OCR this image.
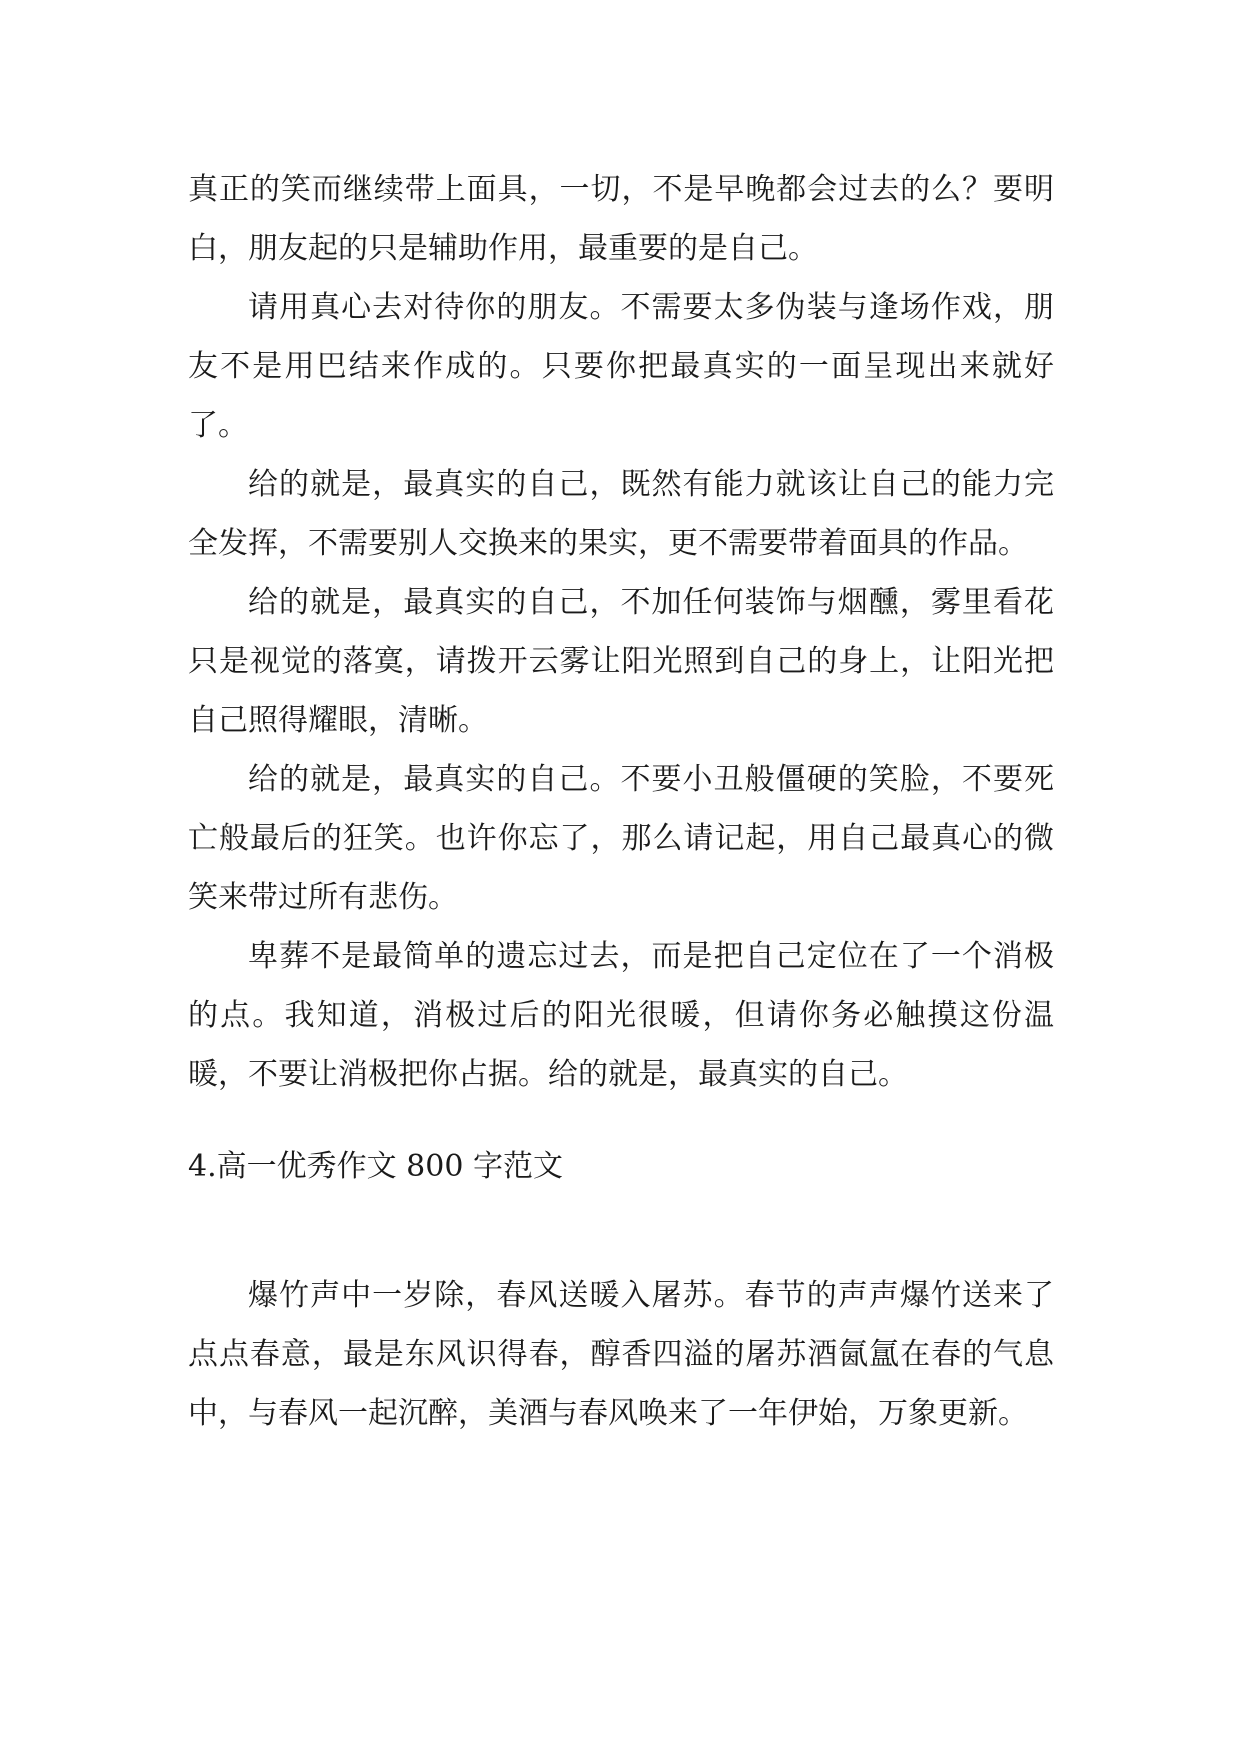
真正的笑而继续带上面具，一切，不是早晚都会过去的么？要明白，朋友起的只是辅助作用，最重要的是自己。

请用真心去对待你的朋友。不需要太多伪装与逢场作戏，朋友不是用巴结来作成的。只要你把最真实的一面呈现出来就好了。

给的就是，最真实的自己，既然有能力就该让自己的能力完全发挥，不需要别人交换来的果实，更不需要带着面具的作品。

给的就是，最真实的自己，不加任何装饰与烟醺，雾里看花只是视觉的落寞，请拨开云雾让阳光照到自己的身上，让阳光把自己照得耀眼，清晰。

给的就是，最真实的自己。不要小丑般僵硬的笑脸，不要死亡般最后的狂笑。也许你忘了，那么请记起，用自己最真心的微笑来带过所有悲伤。

卑葬不是最简单的遗忘过去，而是把自己定位在了一个消极的点。我知道，消极过后的阳光很暖，但请你务必触摸这份温暖，不要让消极把你占据。给的就是，最真实的自己。

4.高一优秀作文 800 字范文

爆竹声中一岁除，春风送暖入屠苏。春节的声声爆竹送来了点点春意，最是东风识得春，醇香四溢的屠苏酒氤氲在春的气息中，与春风一起沉醉，美酒与春风唤来了一年伊始，万象更新。
